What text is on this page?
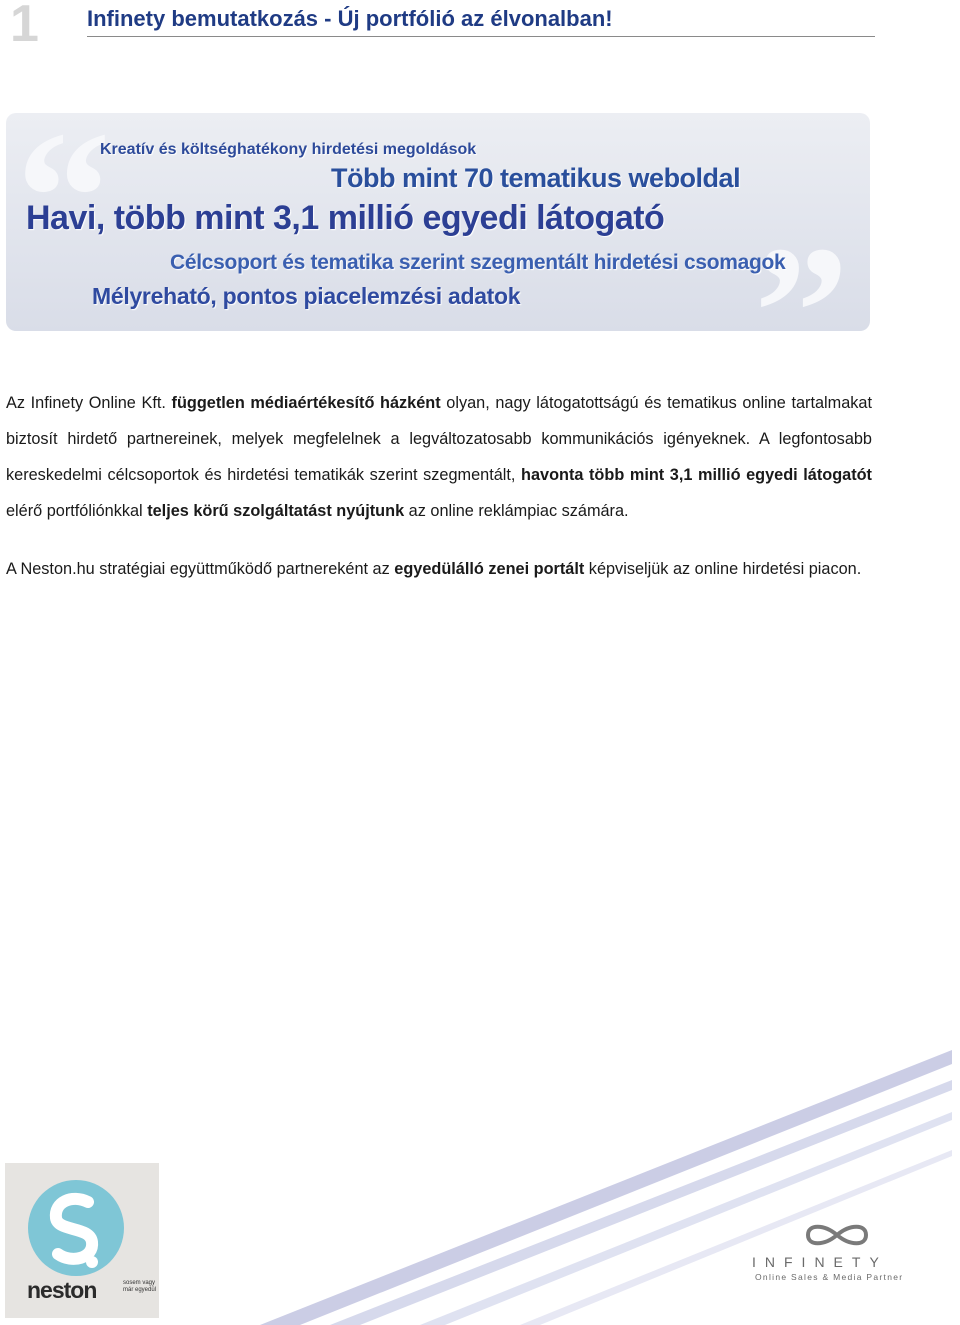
1 Infinety bemutatkozás - Új portfólió az élvonalban!
“
”
Kreatív és költséghatékony hirdetési megoldások
Több mint 70 tematikus weboldal
Havi, több mint 3,1 millió egyedi látogató
Célcsoport és tematika szerint szegmentált hirdetési csomagok
Mélyreható, pontos piacelemzési adatok

Az Infinety Online Kft. független médiaértékesítő házként olyan, nagy látogatottságú és tematikus online tartalmakat biztosít hirdető partnereinek, melyek megfelelnek a legváltozatosabb kommunikációs igényeknek. A legfontosabb kereskedelmi célcsoportok és hirdetési tematikák szerint szegmentált, havonta több mint 3,1 millió egyedi látogatót elérő portfóliónkkal teljes körű szolgáltatást nyújtunk az online reklámpiac számára.

A Neston.hu stratégiai együttműködő partnereként az egyedülálló zenei portált képviseljük az online hirdetési piacon.

neston	sosem vagy már egyedül
INFINETY
Online Sales & Media Partner
